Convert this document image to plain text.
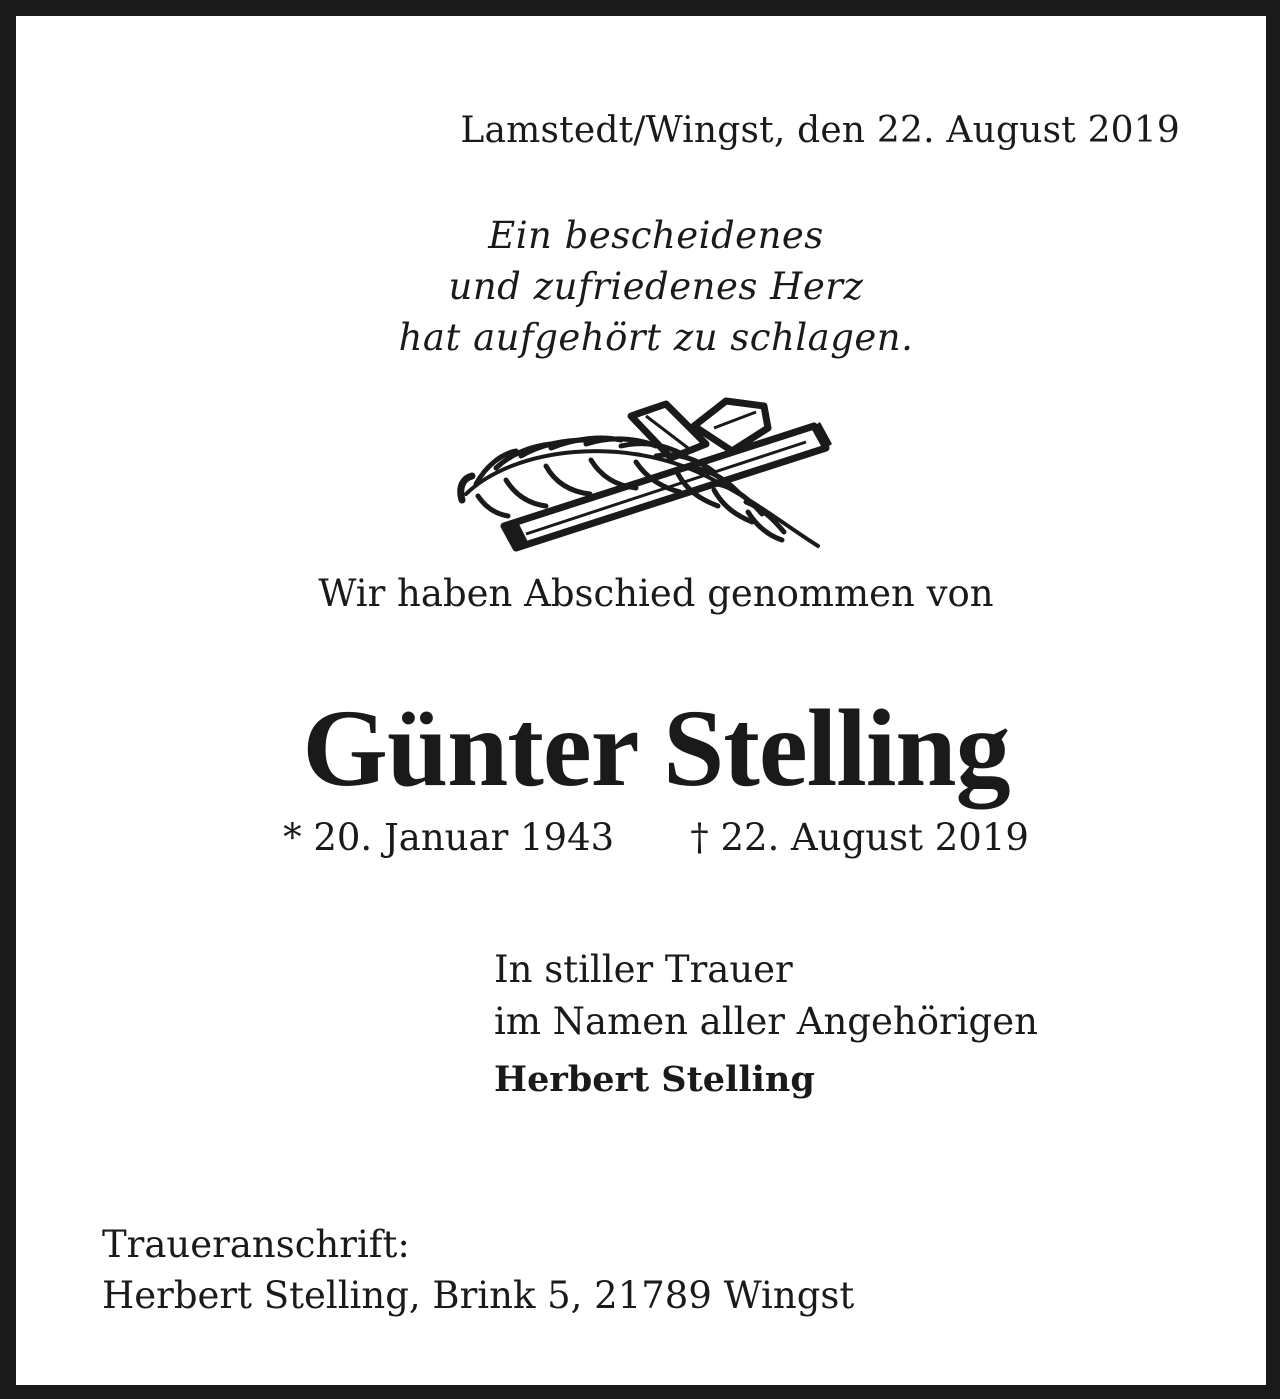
Lamstedt/Wingst, den 22. August 2019
Ein bescheidenes
und zufriedenes Herz
hat aufgehört zu schlagen.
Wir haben Abschied genommen von
Günter Stelling
* 20. Januar 1943 † 22. August 2019
In stiller Trauer
im Namen aller Angehörigen
Herbert Stelling
Traueranschrift:
Herbert Stelling, Brink 5, 21789 Wingst
